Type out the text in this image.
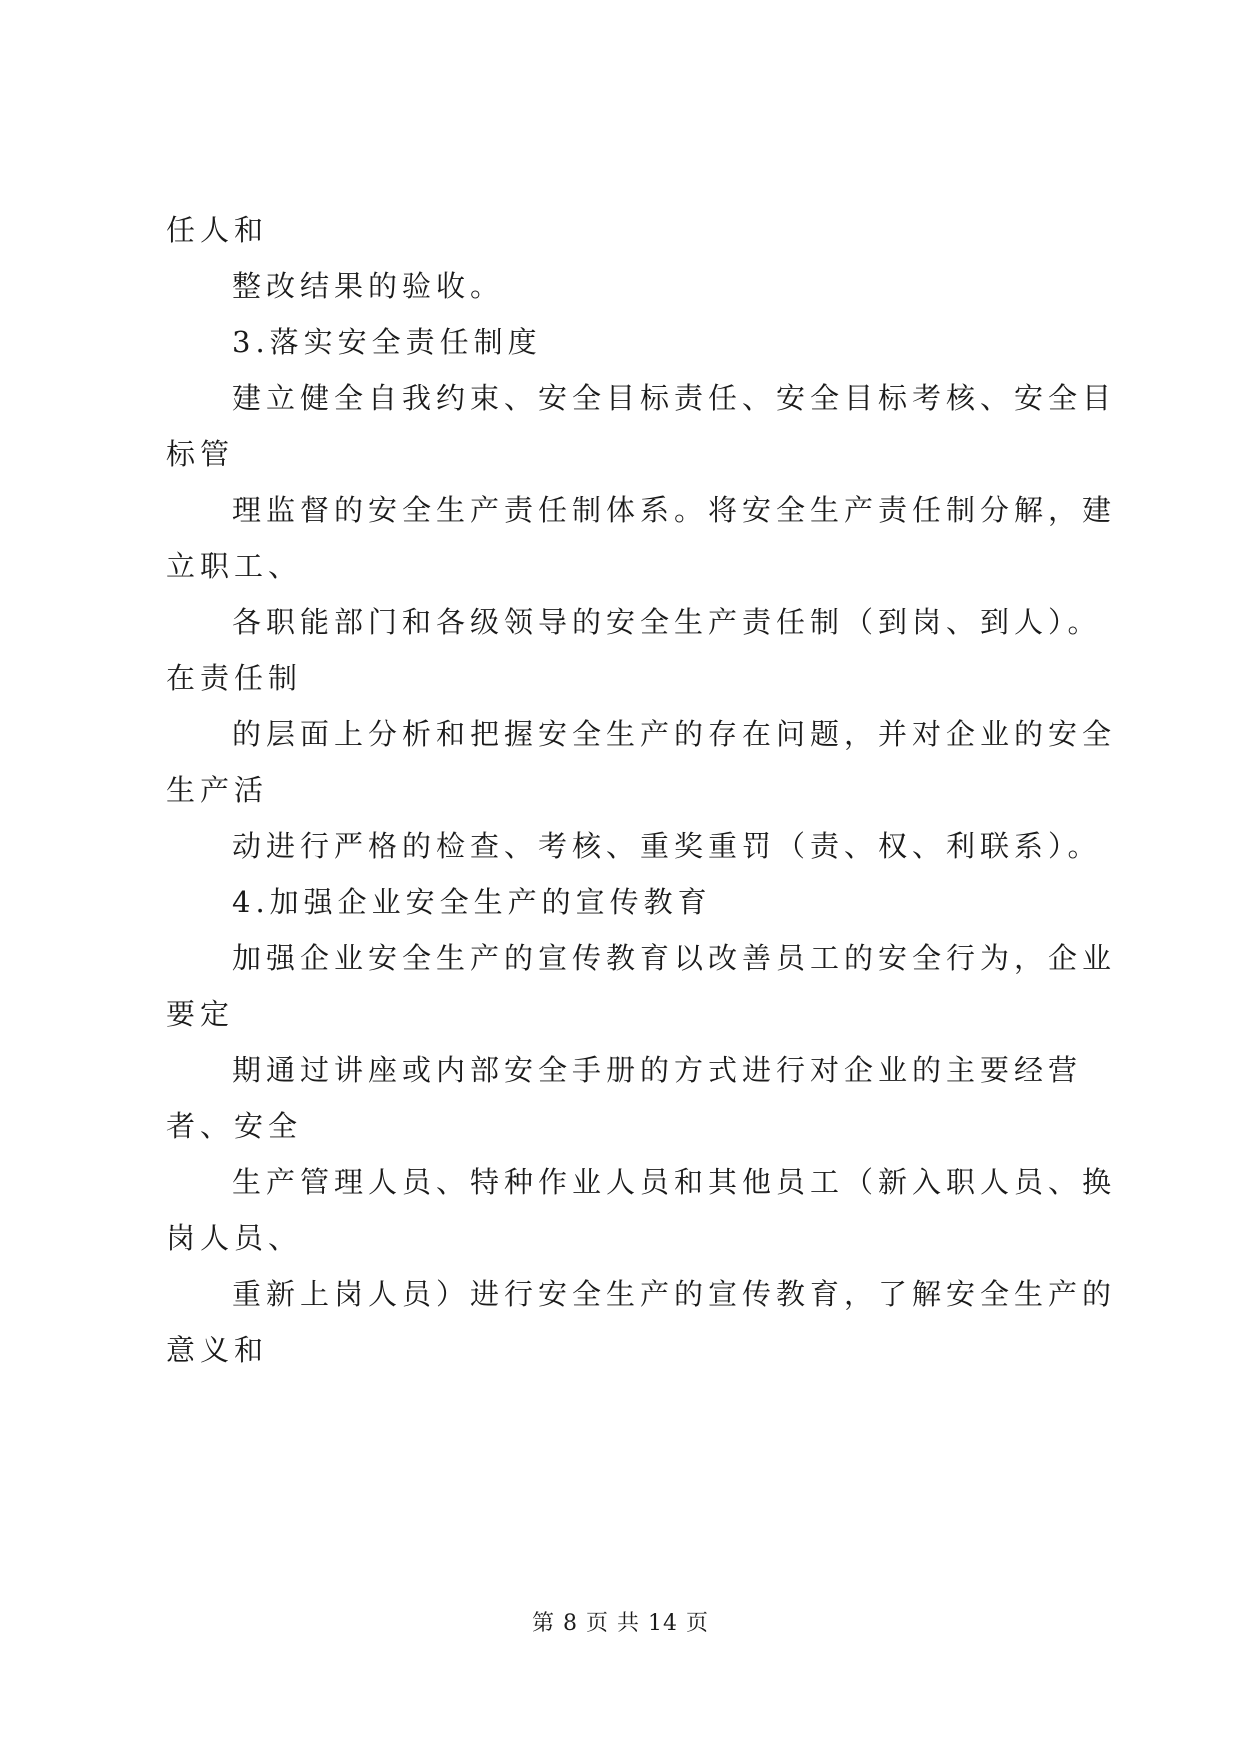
任人和
整改结果的验收。
3.落实安全责任制度
建立健全自我约束、安全目标责任、安全目标考核、安全目
标管
理监督的安全生产责任制体系。将安全生产责任制分解，建
立职工、
各职能部门和各级领导的安全生产责任制（到岗、到人）。
在责任制
的层面上分析和把握安全生产的存在问题，并对企业的安全
生产活
动进行严格的检查、考核、重奖重罚（责、权、利联系）。
4.加强企业安全生产的宣传教育
加强企业安全生产的宣传教育以改善员工的安全行为，企业
要定
期通过讲座或内部安全手册的方式进行对企业的主要经营
者、安全
生产管理人员、特种作业人员和其他员工（新入职人员、换
岗人员、
重新上岗人员）进行安全生产的宣传教育，了解安全生产的
意义和
第 8 页 共 14 页
